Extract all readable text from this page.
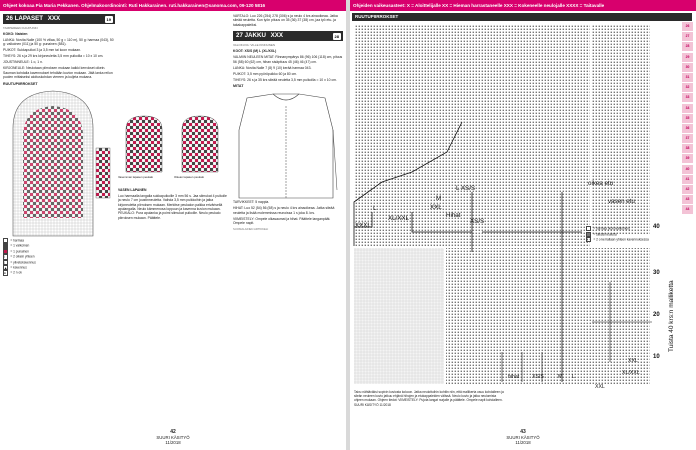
Ohjeet kokoaa Pia Maria Pekkanen. Ohjelmakoordinointi: Ruti Hakkarainen. ruti.hakkarainen@sanoma.com, 09-120 5816
26 LAPASET XXX	19

TAMPEREEN KAUPUNKI

KOKO: Naisten

LANKA: Novita Nalle (100 % villaa, 50 g = 110 m), 50 g: harmaa (043), 50 g: valkoinen (011) ja 50 g: punainen (581).

PUIKOT: Sukkapuikot 3 ja 3,5 mm tai koon mukaan.

TIHEYS: 26 s ja 29 krs kirjoneuletta 3,5 mm puikoilla = 10 x 10 cm.

JOUSTINNEULE: 1 o, 1 n.

KIRJONEULE: Neulotaan piirroksen mukaan kaikki kerrokset oikein. Sauman kohdalla kavennukset tehdään kuvion mukaan. Jätä lanka reilun puolen mittaiseksi aloituskohdan viereen ja kuljeta mukana.

RUUTUPIIRROKSET
= harmaa
= 1 valkoinen
= 1 punainen
/ = 2 oikein yhteen
\ = ylivetokavennus
▲ = kavennus
● = 2 n ok
Vasemman lapasen peukalo	Oikean lapasen peukalo

VASEN LAPANEN

Luo harmaalla langalla sukkapuikoille 3 mm 56 s. Jaa silmukat 4 puikolle ja neulo 7 cm joustinneuletta. Vaihda 3,5 mm puikkoihin ja jatka kirjoneuletta piirroksen mukaan. Merkitse peukalon paikka erivärisellä apulangalla. Neulo kämmenosa loppuun ja kavenna kuvion mukaan. PEUKALO: Pura apulanka ja poimi silmukat puikoille. Neulo peukalo piirroksen mukaan. Päättele.

VARTALO: Luo 226 (254) 278 (306) s ja neulo 4 krs ainaoikeaa. Jatka sileää neuletta. Kun työn pituus on 35 (36) 37 (38) cm, jaa työ etu- ja takakappaleiksi.

27 JAKKU XXX	28

VALOKUVA: VILLE KINNUNEN

KOOT: XS/S (M) L (XL/XXL)

VALMIIN NEULEEN MITAT: Rinnanympärys 86 (96) 106 (118) cm, pituus 56 (58) 60 (62) cm, hihan sisäpituus 45 (46) 46 (47) cm.

LANKA: Novita Nalle 7 (8) 9 (10) kerää harmaa 043.

PUIKOT: 3,5 mm pyöröpuikko 60 ja 80 cm.

TIHEYS: 26 s ja 35 krs sileää neuletta 3,5 mm puikoilla = 10 x 10 cm.

MITAT

TARVIKKEET: 5 nappia.

HIHAT: Luo 52 (54) 56 (58) s ja neulo 4 krs ainaoikeaa. Jatka sileää neuletta ja lisää molemmissa reunoissa 1 s joka 8. krs.

VIIMEISTELY: Ompele olkasaumat ja hihat. Päättele langanpäät. Ompele napit.

SUOMALAINEN ARTIKKELI

42
SUURI KÄSITYÖ 11/2018
Ohjeiden vaikeusasteet: X = Aloittelijalle XX = Hieman harrastaneelle XXX = Kokeneelle neulojalle XXXX = Taitavalle
RUUTUPIIRROKSET
L XS/S
M
XXL
XL/XXL
XXXL
L
Hihat
XS/S
oikea etu
vasen etu
hihat XS/S	M L
XXL
XL/XXL
XXL
40
30
20
10
Tuista 40 krs:n malliketta
= harmaa (kokovalkoinen)
= sileää neuletta
/ = 2 o kerrallaan yhteen kavennuksessa
Taivu nähtäväksi sopivin kuviosta kokoon. Jatka neulottuihin kohtiin niin, että mallikerta osuu kohdalleen ja sileän neuleen kuvio jatkuu ehjänä hihojen ja etukappaleiden välissä. Neulo kuvio ja jatka neulomista ohjeen mukaan. Ohjeen tiedot: VIIMEISTELY: Pujota langat nurjalle ja päättele. Ompele napit kohdalleen. SUURI KÄSITYÖ 11/2018
26
27
28
29
30
31
32
33
34
35
36
37
38
39
40
41
42
43
44
43
SUURI KÄSITYÖ 11/2018
